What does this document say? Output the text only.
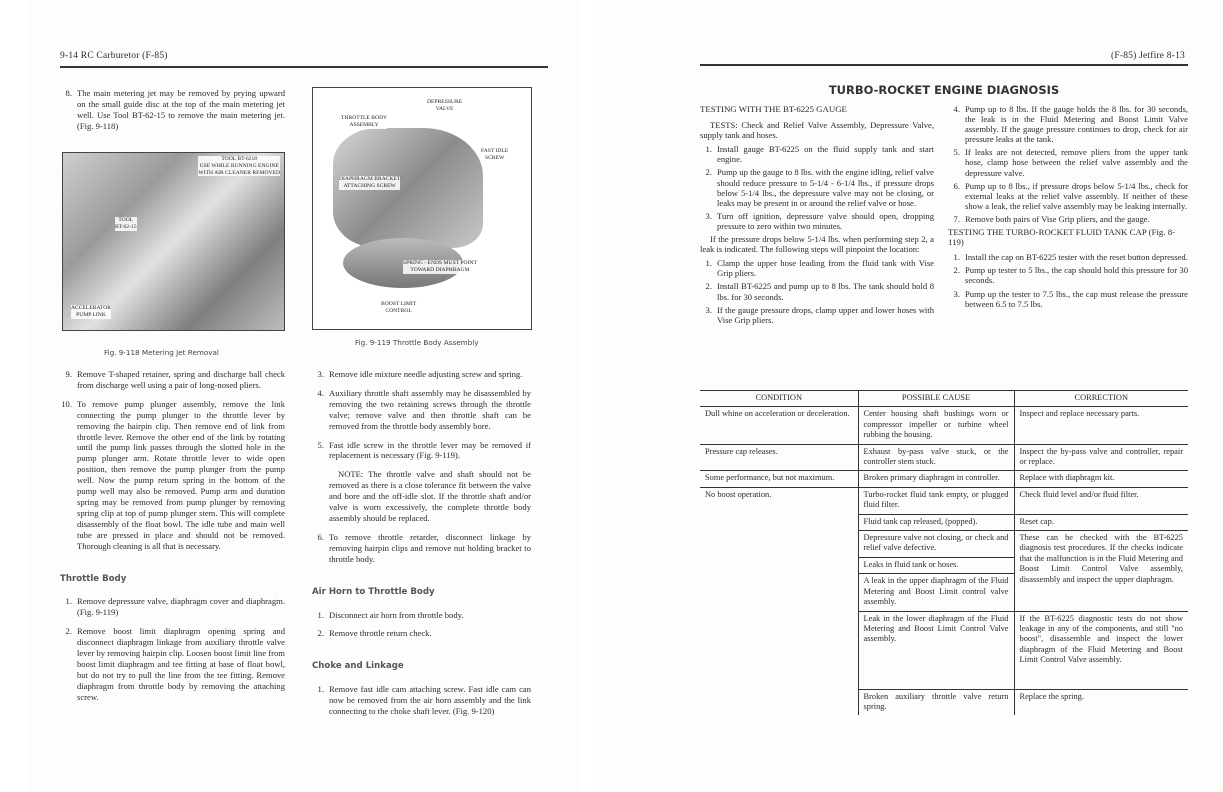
9-14 RC Carburetor (F-85)
8. The main metering jet may be removed by prying upward on the small guide disc at the top of the main metering jet well. Use Tool BT-62-15 to remove the main metering jet. (Fig. 9-118)
TOOL BT-6218
USE WHILE RUNNING ENGINE
WITH AIR CLEANER REMOVED
TOOL
BT-62-15
ACCELERATOR
PUMP LINK
Fig. 9-118 Metering Jet Removal
9. Remove T-shaped retainer, spring and discharge ball check from discharge well using a pair of long-nosed pliers.
10. To remove pump plunger assembly, remove the link connecting the pump plunger to the throttle lever by removing the hairpin clip. Then remove end of link from throttle lever. Remove the other end of the link by rotating until the pump link passes through the slotted hole in the pump plunger arm. Rotate throttle lever to wide open position, then remove the pump plunger from the pump well. Now the pump return spring in the bottom of the pump well may also be removed. Pump arm and duration spring may be removed from pump plunger by removing spring clip at top of pump plunger stem. This will complete disassembly of the float bowl. The idle tube and main well tube are pressed in place and should not be removed. Thorough cleaning is all that is necessary.
Throttle Body
1. Remove depressure valve, diaphragm cover and diaphragm. (Fig. 9-119)
2. Remove boost limit diaphragm opening spring and disconnect diaphragm linkage from auxiliary throttle valve lever by removing hairpin clip. Loosen boost limit line from boost limit diaphragm and tee fitting at base of float bowl, but do not try to pull the line from the tee fitting. Remove diaphragm from throttle body by removing the attaching screw.
DEPRESSURE
VALVE
THROTTLE BODY
ASSEMBLY
FAST IDLE
SCREW
DIAPHRAGM BRACKET
ATTACHING SCREW
SPRING - ENDS MUST POINT
TOWARD DIAPHRAGM
BOOST LIMIT
CONTROL
Fig. 9-119 Throttle Body Assembly
3. Remove idle mixture needle adjusting screw and spring.
4. Auxiliary throttle shaft assembly may be disassembled by removing the two retaining screws through the throttle valve; remove valve and then throttle shaft can be removed from the throttle body assembly bore.
5. Fast idle screw in the throttle lever may be removed if replacement is necessary (Fig. 9-119).

NOTE: The throttle valve and shaft should not be removed as there is a close tolerance fit between the valve and bore and the off-idle slot. If the throttle shaft and/or valve is worn excessively, the complete throttle body assembly should be replaced.

6. To remove throttle retarder, disconnect linkage by removing hairpin clips and remove nut holding bracket to throttle body.
Air Horn to Throttle Body
1. Disconnect air horn from throttle body.
2. Remove throttle return check.
Choke and Linkage
1. Remove fast idle cam attaching screw. Fast idle cam can now be removed from the air horn assembly and the link connecting to the choke shaft lever. (Fig. 9-120)
(F-85) Jetfire 8-13
TURBO-ROCKET ENGINE DIAGNOSIS
TESTING WITH THE BT-6225 GAUGE

TESTS: Check and Relief Valve Assembly, Depressure Valve, supply tank and hoses.

1. Install gauge BT-6225 on the fluid supply tank and start engine.
2. Pump up the gauge to 8 lbs. with the engine idling, relief valve should reduce pressure to 5-1/4 - 6-1/4 lbs., if pressure drops below 5-1/4 lbs., the depressure valve may not be closing, or leaks may be present in or around the relief valve or hose.
3. Turn off ignition, depressure valve should open, dropping pressure to zero within two minutes.

If the pressure drops below 5-1/4 lbs. when performing step 2, a leak is indicated. The following steps will pinpoint the location:

1. Clamp the upper hose leading from the fluid tank with Vise Grip pliers.
2. Install BT-6225 and pump up to 8 lbs. The tank should hold 8 lbs. for 30 seconds.
3. If the gauge pressure drops, clamp upper and lower hoses with Vise Grip pliers.
4. Pump up to 8 lbs. If the gauge holds the 8 lbs. for 30 seconds, the leak is in the Fluid Metering and Boost Limit Valve assembly. If the gauge pressure continues to drop, check for air pressure leaks at the tank.
5. If leaks are not detected, remove pliers from the upper tank hose, clamp hose between the relief valve assembly and the depressure valve.
6. Pump up to 8 lbs., if pressure drops below 5-1/4 lbs., check for external leaks at the relief valve assembly. If neither of these show a leak, the relief valve assembly may be leaking internally.
7. Remove both pairs of Vise Grip pliers, and the gauge.
TESTING THE TURBO-ROCKET FLUID TANK CAP (Fig. 8-119)
1. Install the cap on BT-6225 tester with the reset button depressed.
2. Pump up tester to 5 lbs., the cap should hold this pressure for 30 seconds.
3. Pump up the tester to 7.5 lbs., the cap must release the pressure between 6.5 to 7.5 lbs.
CONDITION	POSSIBLE CAUSE	CORRECTION
Dull whine on acceleration or deceleration.	Center housing shaft bushings worn or compressor impeller or turbine wheel rubbing the housing.	Inspect and replace necessary parts.
Pressure cap releases.	Exhaust by-pass valve stuck, or the controller stem stuck.	Inspect the by-pass valve and controller, repair or replace.
Some performance, but not maximum.	Broken primary diaphragm in controller.	Replace with diaphragm kit.
No boost operation.	Turbo-rocket fluid tank empty, or plugged fluid filter.	Check fluid level and/or fluid filter.
	Fluid tank cap released, (popped).	Reset cap.
	Depressure valve not closing, or check and relief valve defective.	These can be checked with the BT-6225 diagnosis test procedures. If the checks indicate that the malfunction is in the Fluid Metering and Boost Limit Control Valve assembly, disassembly and inspect the upper diaphragm.
	Leaks in fluid tank or hoses.	
	A leak in the upper diaphragm of the Fluid Metering and Boost Limit control valve assembly.	
	Leak in the lower diaphragm of the Fluid Metering and Boost Limit Control Valve assembly.	If the BT-6225 diagnostic tests do not show leakage in any of the components, and still "no boost", disassemble and inspect the lower diaphragm of the Fluid Metering and Boost Limit Control Valve assembly.
	Broken auxiliary throttle valve return spring.	Replace the spring.
